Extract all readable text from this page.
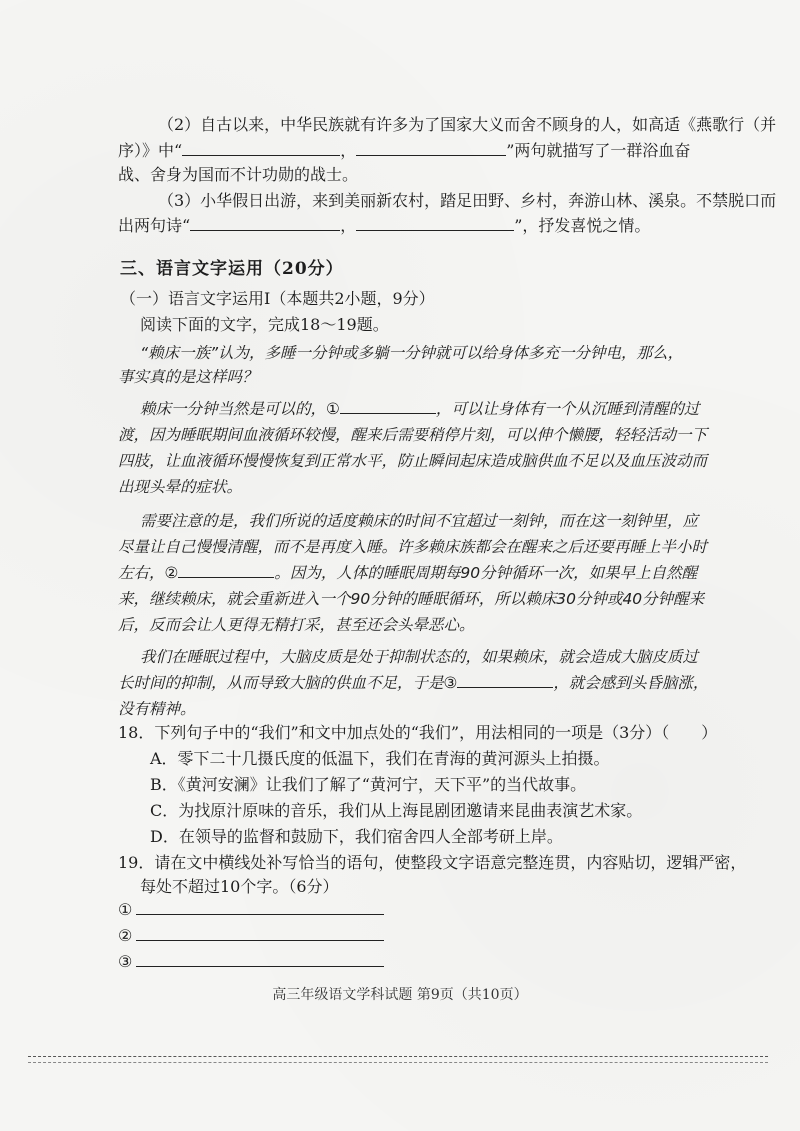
（2）自古以来，中华民族就有许多为了国家大义而舍不顾身的人，如高适《燕歌行（并
序）》中“	，	”两句就描写了一群浴血奋
战、舍身为国而不计功勋的战士。
（3）小华假日出游，来到美丽新农村，踏足田野、乡村，奔游山林、溪泉。不禁脱口而
出两句诗“	，	”，抒发喜悦之情。
三、语言文字运用（20分）
（一）语言文字运用Ⅰ（本题共2小题，9分）
阅读下面的文字，完成18～19题。
“赖床一族”认为，多睡一分钟或多躺一分钟就可以给身体多充一分钟电，那么，
事实真的是这样吗？
赖床一分钟当然是可以的，①	，可以让身体有一个从沉睡到清醒的过
渡，因为睡眠期间血液循环较慢，醒来后需要稍停片刻，可以伸个懒腰，轻轻活动一下
四肢，让血液循环慢慢恢复到正常水平，防止瞬间起床造成脑供血不足以及血压波动而
出现头晕的症状。
需要注意的是，我们所说的适度赖床的时间不宜超过一刻钟，而在这一刻钟里，应
尽量让自己慢慢清醒，而不是再度入睡。许多赖床族都会在醒来之后还要再睡上半小时
左右，②	。因为，人体的睡眠周期每90分钟循环一次，如果早上自然醒
来，继续赖床，就会重新进入一个90分钟的睡眠循环，所以赖床30分钟或40分钟醒来
后，反而会让人更得无精打采，甚至还会头晕恶心。
我们在睡眠过程中，大脑皮质是处于抑制状态的，如果赖床，就会造成大脑皮质过
长时间的抑制，从而导致大脑的供血不足，于是③	，就会感到头昏脑涨，
没有精神。
18．下列句子中的“我们”和文中加点处的“我们”，用法相同的一项是（3分）（　　）
A．零下二十几摄氏度的低温下，我们在青海的黄河源头上拍摄。
B．《黄河安澜》让我们了解了“黄河宁，天下平”的当代故事。
C．为找原汁原味的音乐，我们从上海昆剧团邀请来昆曲表演艺术家。
D．在领导的监督和鼓励下，我们宿舍四人全部考研上岸。
19．请在文中横线处补写恰当的语句，使整段文字语意完整连贯，内容贴切，逻辑严密，
每处不超过10个字。（6分）
①
②
③
高三年级语文学科试题 第9页（共10页）
